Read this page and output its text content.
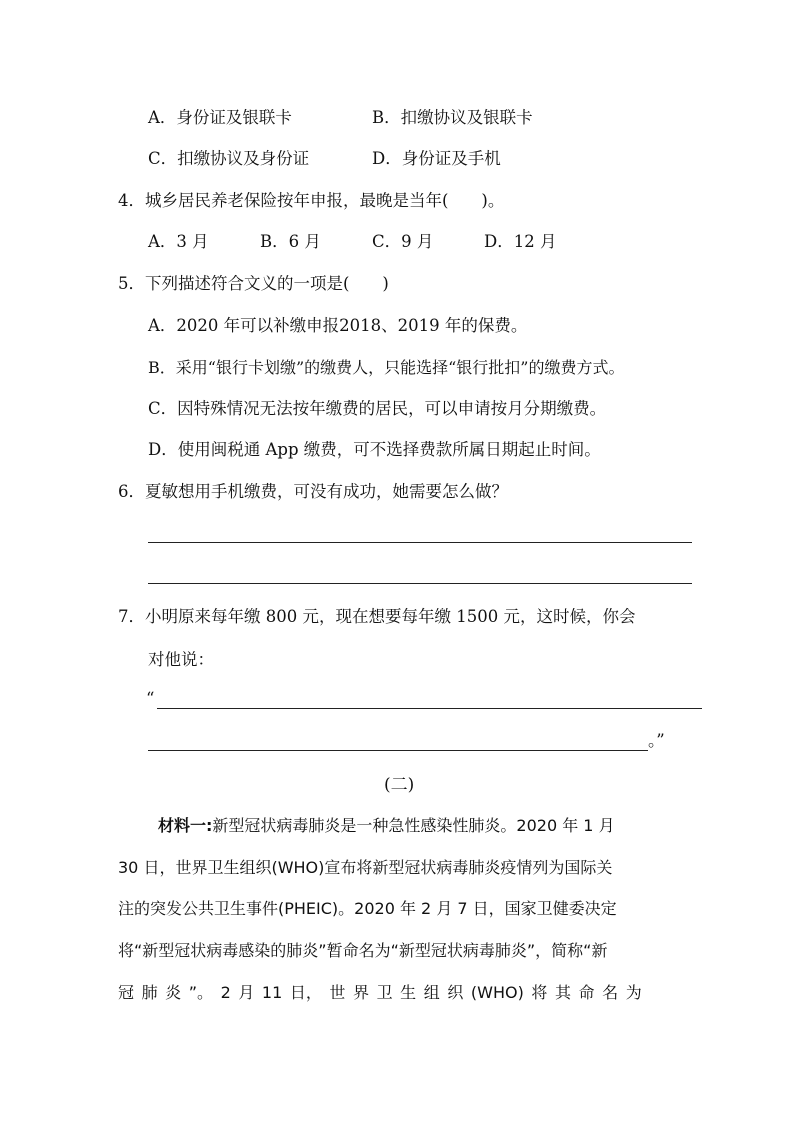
A．身份证及银联卡	B．扣缴协议及银联卡
C．扣缴协议及身份证	D．身份证及手机
4．城乡居民养老保险按年申报，最晚是当年(　　)。
A．3 月	B．6 月	C．9 月	D．12 月
5．下列描述符合文义的一项是(　　)
A．2020 年可以补缴申报2018、2019 年的保费。
B．采用“银行卡划缴”的缴费人，只能选择“银行批扣”的缴费方式。
C．因特殊情况无法按年缴费的居民，可以申请按月分期缴费。
D．使用闽税通 App 缴费，可不选择费款所属日期起止时间。
6．夏敏想用手机缴费，可没有成功，她需要怎么做？
7．小明原来每年缴 800 元，现在想要每年缴 1500 元，这时候，你会
对他说：
“
。”
(二)
材料一:新型冠状病毒肺炎是一种急性感染性肺炎。2020 年 1 月
30 日，世界卫生组织(WHO)宣布将新型冠状病毒肺炎疫情列为国际关
注的突发公共卫生事件(PHEIC)。2020 年 2 月 7 日，国家卫健委决定
将“新型冠状病毒感染的肺炎”暂命名为“新型冠状病毒肺炎”，简称“新
冠 肺 炎 ”。 2 月 11 日， 世 界 卫 生 组 织 (WHO) 将 其 命 名 为
